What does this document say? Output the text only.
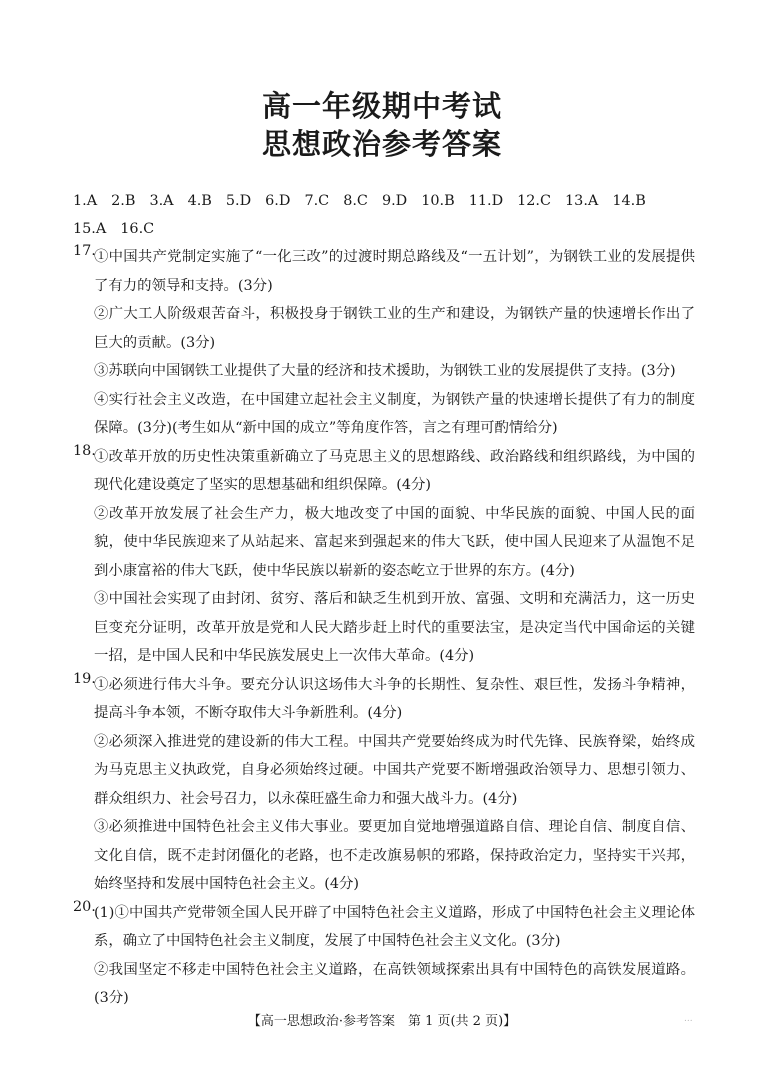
高一年级期中考试
思想政治参考答案
1.A 2.B 3.A 4.B 5.D 6.D 7.C 8.C 9.D 10.B 11.D 12.C 13.A 14.B
15.A 16.C
17.
①中国共产党制定实施了“一化三改”的过渡时期总路线及“一五计划”，为钢铁工业的发展提供了有力的领导和支持。(3分)
②广大工人阶级艰苦奋斗，积极投身于钢铁工业的生产和建设，为钢铁产量的快速增长作出了巨大的贡献。(3分)
③苏联向中国钢铁工业提供了大量的经济和技术援助，为钢铁工业的发展提供了支持。(3分)
④实行社会主义改造，在中国建立起社会主义制度，为钢铁产量的快速增长提供了有力的制度保障。(3分)(考生如从“新中国的成立”等角度作答，言之有理可酌情给分)
18.
①改革开放的历史性决策重新确立了马克思主义的思想路线、政治路线和组织路线，为中国的现代化建设奠定了坚实的思想基础和组织保障。(4分)
②改革开放发展了社会生产力，极大地改变了中国的面貌、中华民族的面貌、中国人民的面貌，使中华民族迎来了从站起来、富起来到强起来的伟大飞跃，使中国人民迎来了从温饱不足到小康富裕的伟大飞跃，使中华民族以崭新的姿态屹立于世界的东方。(4分)
③中国社会实现了由封闭、贫穷、落后和缺乏生机到开放、富强、文明和充满活力，这一历史巨变充分证明，改革开放是党和人民大踏步赶上时代的重要法宝，是决定当代中国命运的关键一招，是中国人民和中华民族发展史上一次伟大革命。(4分)
19.
①必须进行伟大斗争。要充分认识这场伟大斗争的长期性、复杂性、艰巨性，发扬斗争精神，提高斗争本领，不断夺取伟大斗争新胜利。(4分)
②必须深入推进党的建设新的伟大工程。中国共产党要始终成为时代先锋、民族脊梁，始终成为马克思主义执政党，自身必须始终过硬。中国共产党要不断增强政治领导力、思想引领力、群众组织力、社会号召力，以永葆旺盛生命力和强大战斗力。(4分)
③必须推进中国特色社会主义伟大事业。要更加自觉地增强道路自信、理论自信、制度自信、文化自信，既不走封闭僵化的老路，也不走改旗易帜的邪路，保持政治定力，坚持实干兴邦，始终坚持和发展中国特色社会主义。(4分)
20.
(1)①中国共产党带领全国人民开辟了中国特色社会主义道路，形成了中国特色社会主义理论体系，确立了中国特色社会主义制度，发展了中国特色社会主义文化。(3分)
②我国坚定不移走中国特色社会主义道路，在高铁领域探索出具有中国特色的高铁发展道路。(3分)
【高一思想政治·参考答案　第 1 页(共 2 页)】	...
